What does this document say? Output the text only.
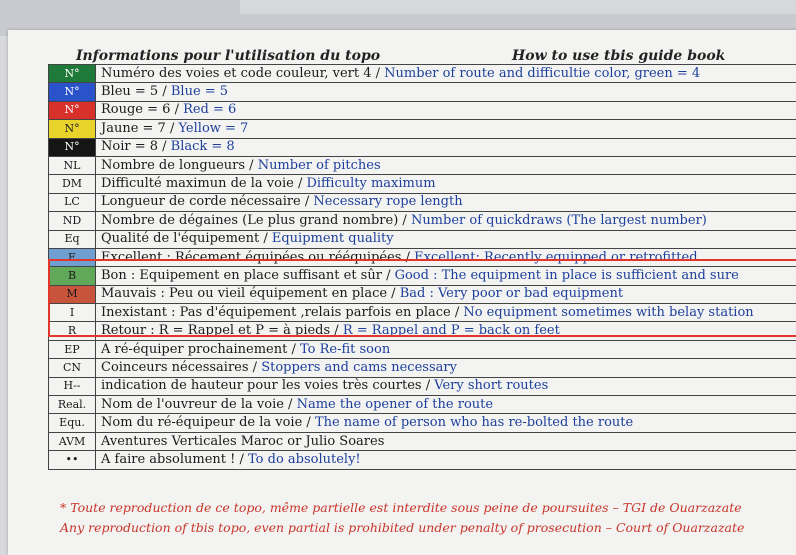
Informations pour l'utilisation du topo	How to use tbis guide book
N°	Numéro des voies et code couleur, vert 4 / Number of route and difficultie color, green = 4
N°	Bleu = 5 / Blue = 5
N°	Rouge = 6 / Red = 6
N°	Jaune = 7 / Yellow = 7
N°	Noir = 8 / Black = 8
NL	Nombre de longueurs / Number of pitches
DM	Difficulté maximun de la voie / Difficulty maximum
LC	Longueur de corde nécessaire / Necessary rope length
ND	Nombre de dégaines (Le plus grand nombre) / Number of quickdraws (The largest number)
Eq	Qualité de l'équipement / Equipment quality
E	Excellent : Récement équipées ou rééquipées / Excellent: Recently equipped or retrofitted
B	Bon : Equipement en place suffisant et sûr / Good : The equipment in place is sufficient and sure
M	Mauvais : Peu ou vieil équipement en place / Bad : Very poor or bad equipment
I	Inexistant : Pas d'équipement ,relais parfois en place / No equipment sometimes with belay station
R	Retour : R = Rappel et P = à pieds / R = Rappel and P = back on feet
EP	A ré-équiper prochainement / To Re-fit soon
CN	Coinceurs nécessaires / Stoppers and cams necessary
H--	indication de hauteur pour les voies très courtes / Very short routes
Real.	Nom de l'ouvreur de la voie / Name the opener of the route
Equ.	Nom du ré-équipeur de la voie / The name of person who has re-bolted the route
AVM	Aventures Verticales Maroc or Julio Soares
••	A faire absolument ! / To do absolutely!
* Toute reproduction de ce topo, même partielle est interdite sous peine de poursuites – TGI de Ouarzazate
Any reproduction of tbis topo, even partial is prohibited under penalty of prosecution – Court of Ouarzazate
